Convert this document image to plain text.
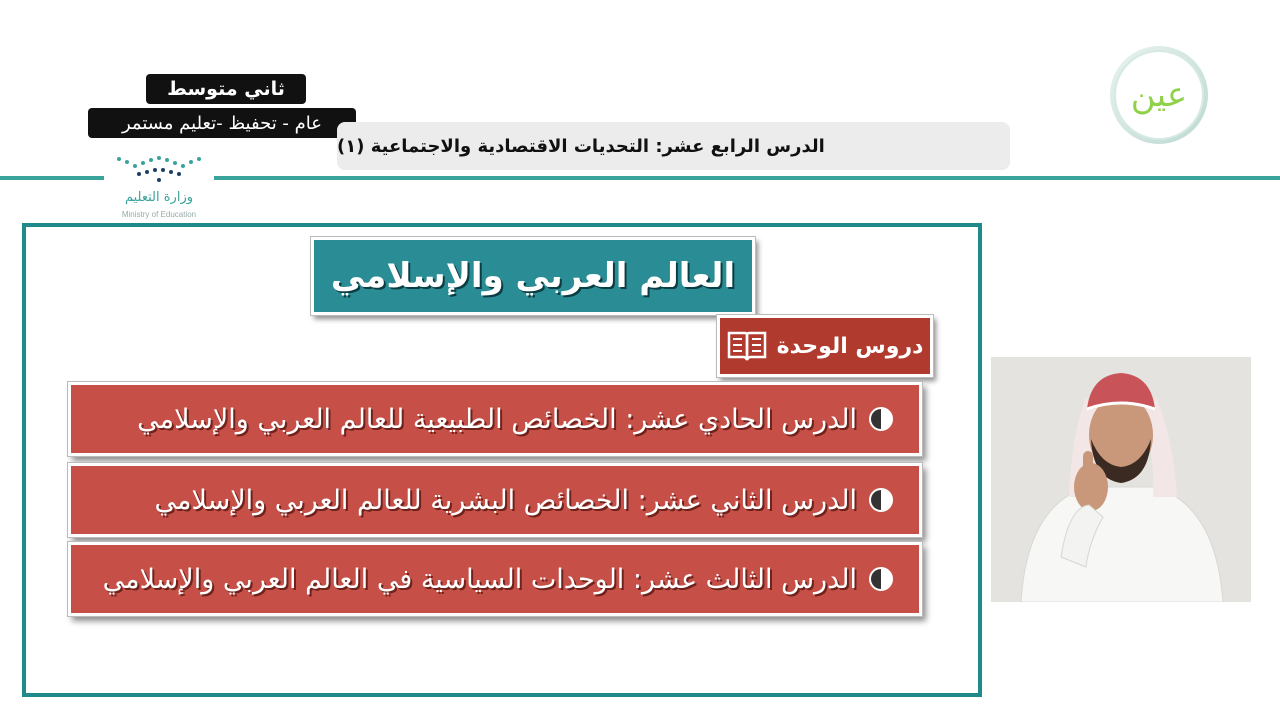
ثاني متوسط
عام - تحفيظ -تعليم مستمر
وزارة التعليم
Ministry of Education
الدرس الرابع عشر: التحديات الاقتصادية والاجتماعية (١)
عين
العالم العربي والإسلامي
دروس الوحدة
الدرس الحادي عشر: الخصائص الطبيعية للعالم العربي والإسلامي
الدرس الثاني عشر: الخصائص البشرية للعالم العربي والإسلامي
الدرس الثالث عشر: الوحدات السياسية في العالم العربي والإسلامي
